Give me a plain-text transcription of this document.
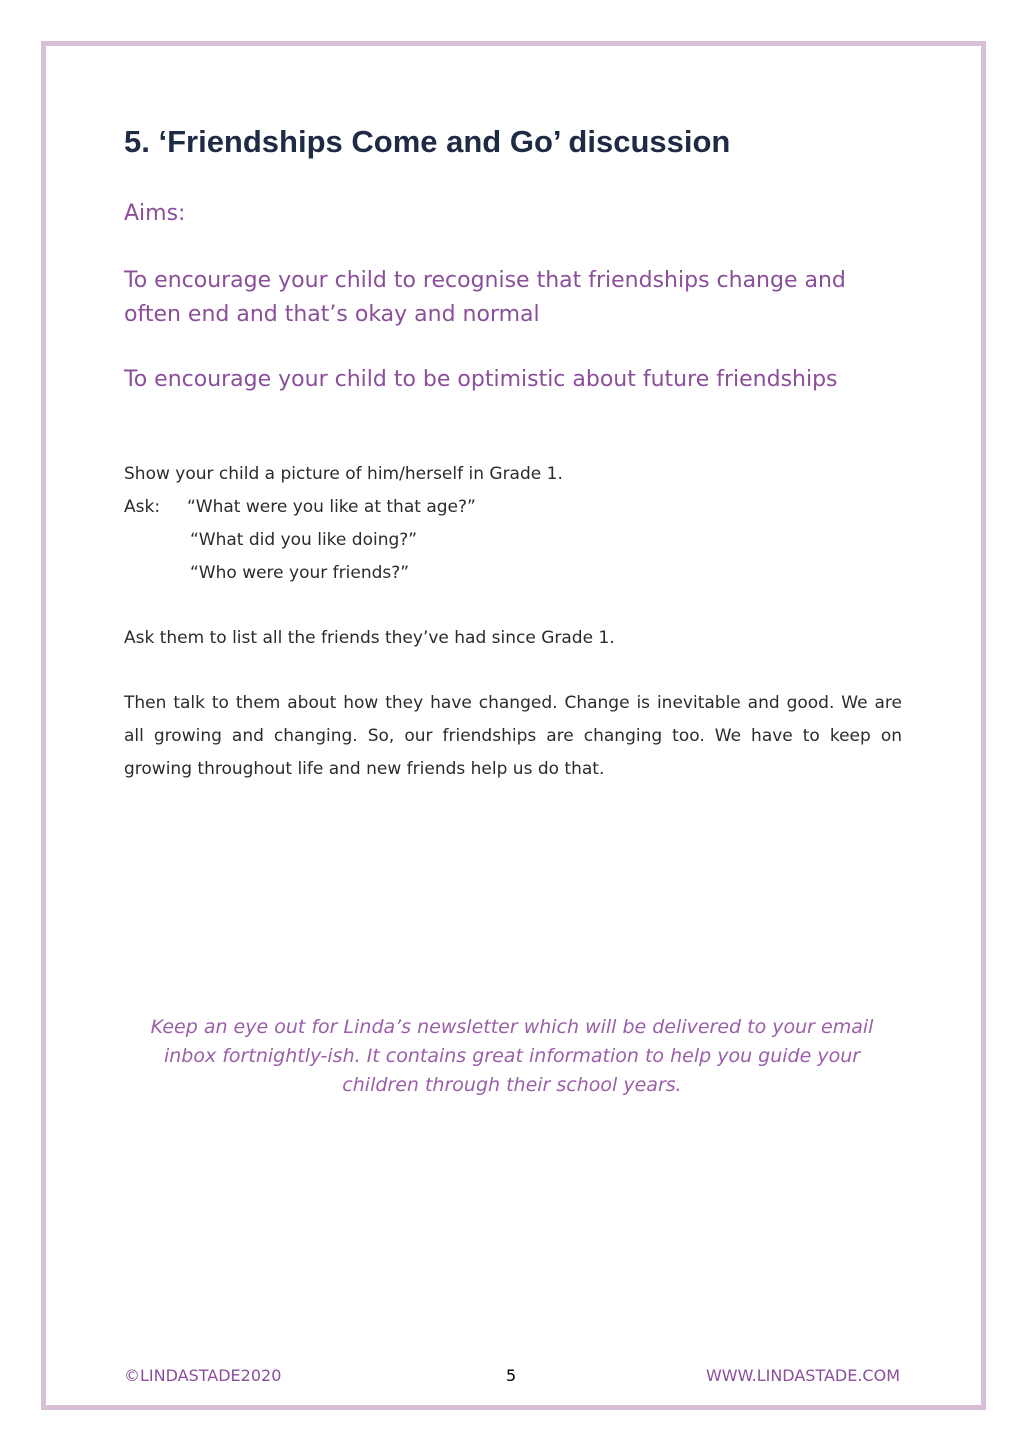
5. ‘Friendships Come and Go’ discussion
Aims:
To encourage your child to recognise that friendships change and often end and that’s okay and normal
To encourage your child to be optimistic about future friendships
Show your child a picture of him/herself in Grade 1.
Ask: “What were you like at that age?”
“What did you like doing?”
“Who were your friends?”
Ask them to list all the friends they’ve had since Grade 1.
Then talk to them about how they have changed. Change is inevitable and good. We are all growing and changing. So, our friendships are changing too. We have to keep on growing throughout life and new friends help us do that.
Keep an eye out for Linda’s newsletter which will be delivered to your email inbox fortnightly-ish. It contains great information to help you guide your children through their school years.
©LINDASTADE2020	5	WWW.LINDASTADE.COM
